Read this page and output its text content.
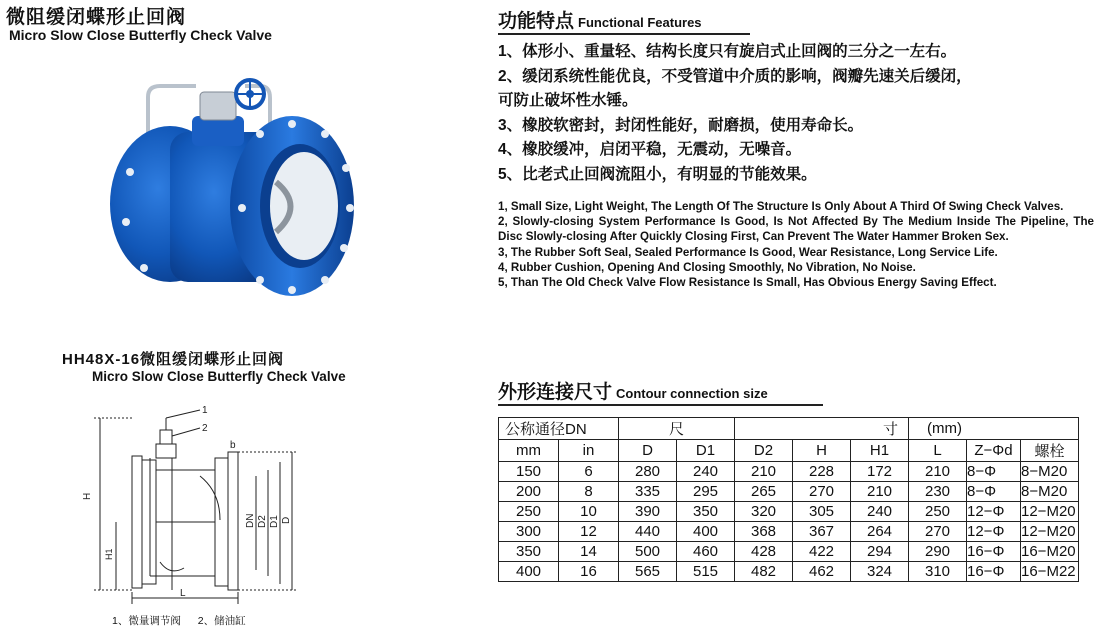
微阻缓闭蝶形止回阀
Micro Slow Close Butterfly Check Valve
HH48X-16微阻缓闭蝶形止回阀
Micro Slow Close Butterfly Check Valve
1
2
b
H
H1
DN D2 D1 D
L
1、微量调节阀 2、储油缸
功能特点 Functional Features
1、体形小、重量轻、结构长度只有旋启式止回阀的三分之一左右。
2、缓闭系统性能优良，不受管道中介质的影响，阀瓣先速关后缓闭，
可防止破坏性水锤。
3、橡胶软密封，封闭性能好，耐磨损，使用寿命长。
4、橡胶缓冲，启闭平稳，无震动，无噪音。
5、比老式止回阀流阻小，有明显的节能效果。
1, Small Size, Light Weight, The Length Of The Structure Is Only About A Third Of Swing Check Valves.
2, Slowly-closing System Performance Is Good, Is Not Affected By The Medium Inside The Pipeline, The Disc Slowly-closing After Quickly Closing First, Can Prevent The Water Hammer Broken Sex.
3, The Rubber Soft Seal, Sealed Performance Is Good, Wear Resistance, Long Service Life.
4, Rubber Cushion, Opening And Closing Smoothly, No Vibration, No Noise.
5, Than The Old Check Valve Flow Resistance Is Small, Has Obvious Energy Saving Effect.
外形连接尺寸 Contour connection size
公称通径DN		尺		寸			(mm)		
mm	in	D	D1	D2	H	H1	L	Z−Φd	螺栓
150	6	280	240	210	228	172	210	8−Φ	8−M20
200	8	335	295	265	270	210	230	8−Φ	8−M20
250	10	390	350	320	305	240	250	12−Φ	12−M20
300	12	440	400	368	367	264	270	12−Φ	12−M20
350	14	500	460	428	422	294	290	16−Φ	16−M20
400	16	565	515	482	462	324	310	16−Φ	16−M22
